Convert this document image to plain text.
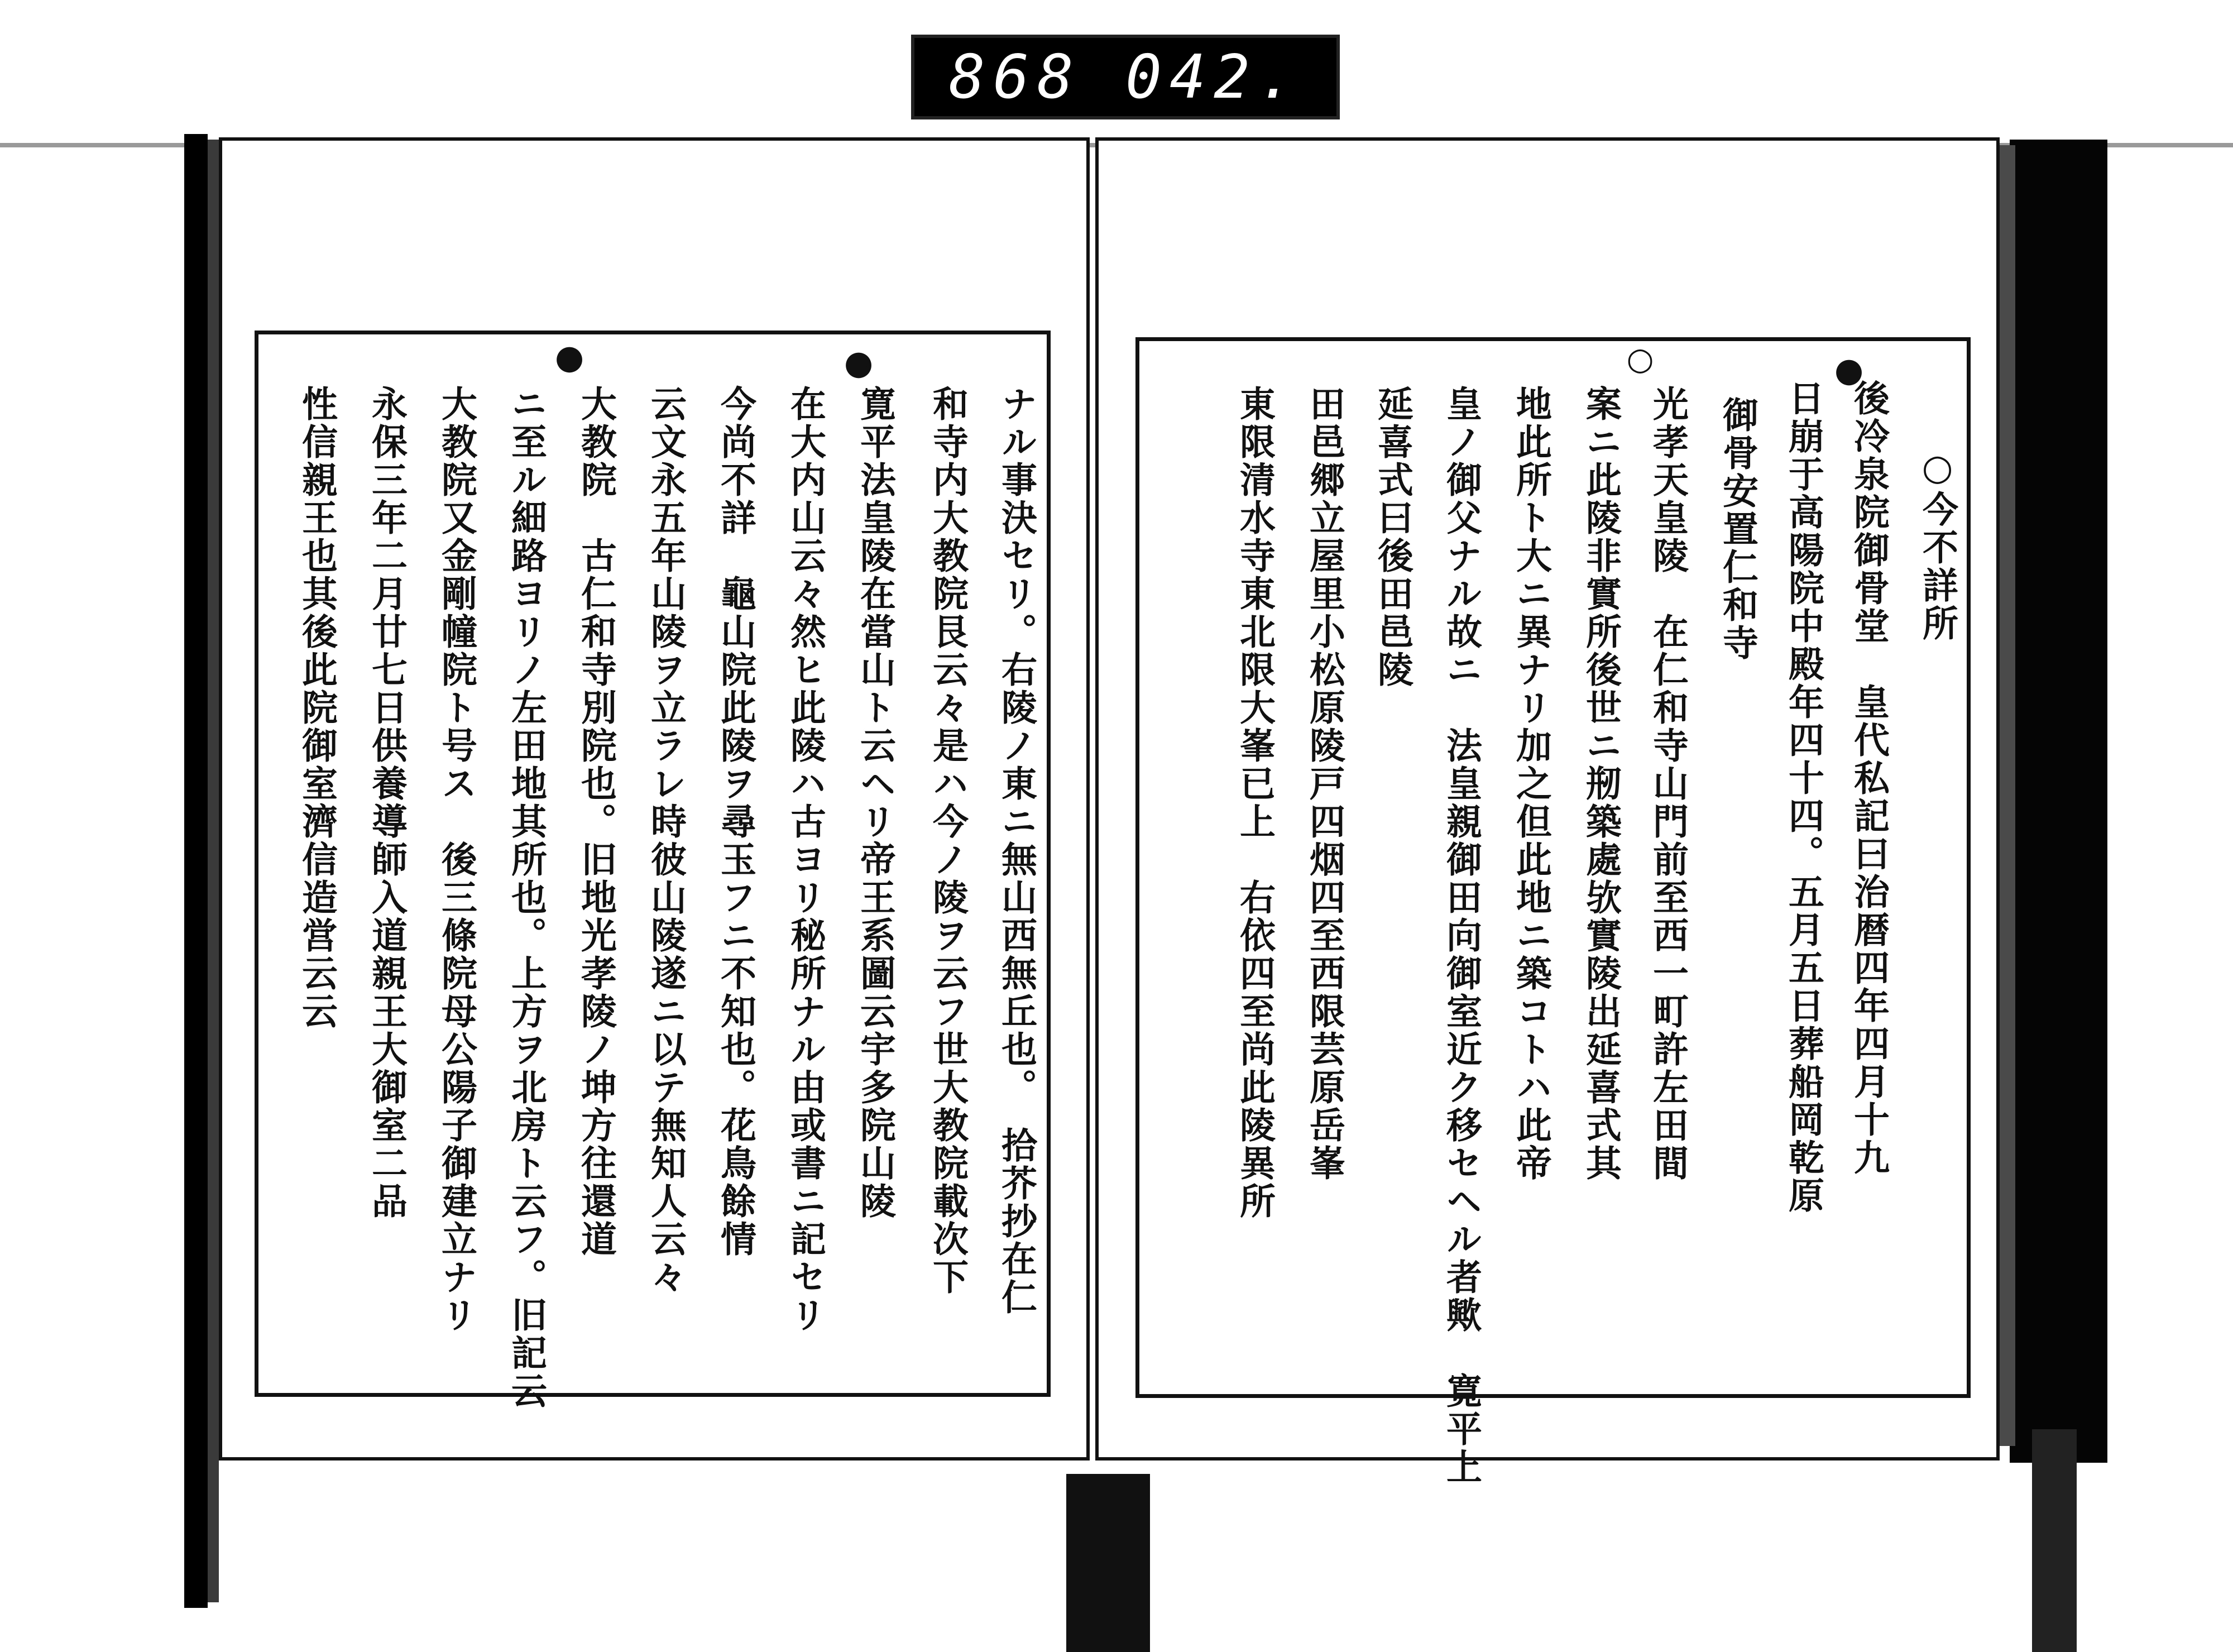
868 042.
○今不詳所
後冷泉院御骨堂　皇代私記曰治暦四年四月十九
日崩于高陽院中殿年四十四。五月五日葬船岡乾原
御骨安置仁和寺
光孝天皇陵　在仁和寺山門前至西一町許左田間
案ニ此陵非實所後世ニ剏築處欤實陵出延喜式其
地此所ト大ニ異ナリ加之但此地ニ築コトハ此帝
皇ノ御父ナル故ニ　法皇親御田向御室近ク移セヘル者歟　寛平上
延喜式曰後田邑陵
田邑郷立屋里小松原陵戸四烟四至西限芸原岳峯
東限清水寺東北限大峯已上　右依四至尚此陵異所
●
○
ナル事決セリ。右陵ノ東ニ無山西無丘也。　拾芥抄在仁
和寺内大教院艮云々是ハ今ノ陵ヲ云フ世大教院載次下
寛平法皇陵在當山ト云ヘリ帝王系圖云宇多院山陵
在大内山云々然ヒ此陵ハ古ヨリ秘所ナル由或書ニ記セリ
今尚不詳　龜山院此陵ヲ尋玉フニ不知也。花鳥餘情
云文永五年山陵ヲ立ラレ時彼山陵遂ニ以テ無知人云々
大教院　古仁和寺別院也。旧地光孝陵ノ坤方往還道
ニ至ル細路ヨリノ左田地其所也。上方ヲ北房ト云フ。旧記云
大教院又金剛幢院ト号ス　後三條院母公陽子御建立ナリ
永保三年二月廿七日供養導師入道親王大御室二品
性信親王也其後此院御室濟信造営云云
●
●
